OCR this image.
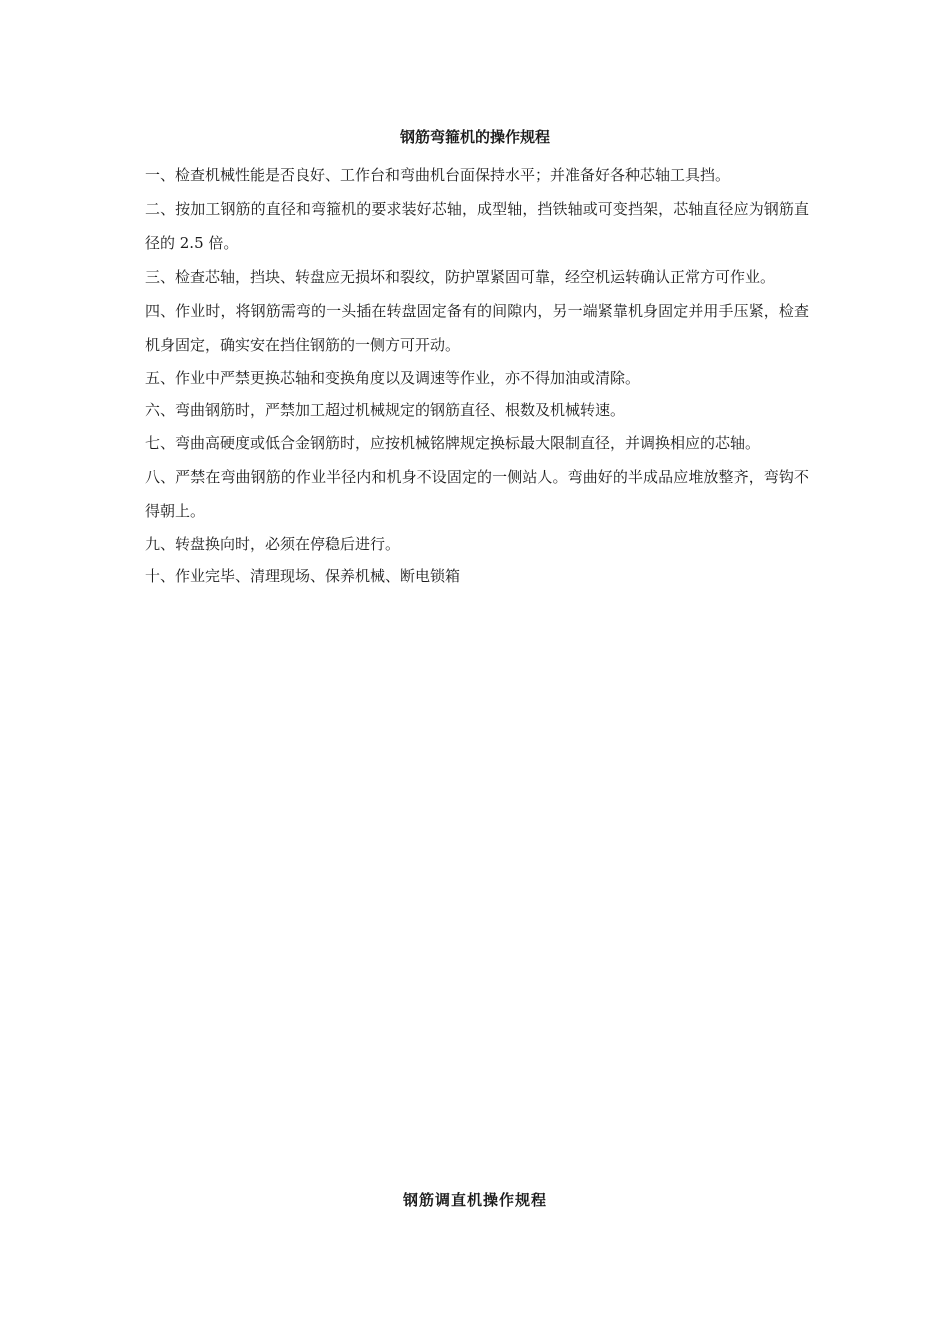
钢筋弯箍机的操作规程

一、检查机械性能是否良好、工作台和弯曲机台面保持水平；并准备好各种芯轴工具挡。

二、按加工钢筋的直径和弯箍机的要求装好芯轴，成型轴，挡铁轴或可变挡架，芯轴直径应为钢筋直径的 2.5 倍。

三、检查芯轴，挡块、转盘应无损坏和裂纹，防护罩紧固可靠，经空机运转确认正常方可作业。

四、作业时，将钢筋需弯的一头插在转盘固定备有的间隙内，另一端紧靠机身固定并用手压紧，检查机身固定，确实安在挡住钢筋的一侧方可开动。

五、作业中严禁更换芯轴和变换角度以及调速等作业，亦不得加油或清除。

六、弯曲钢筋时，严禁加工超过机械规定的钢筋直径、根数及机械转速。

七、弯曲高硬度或低合金钢筋时，应按机械铭牌规定换标最大限制直径，并调换相应的芯轴。

八、严禁在弯曲钢筋的作业半径内和机身不设固定的一侧站人。弯曲好的半成品应堆放整齐，弯钩不得朝上。

九、转盘换向时，必须在停稳后进行。

十、作业完毕、清理现场、保养机械、断电锁箱

钢筋调直机操作规程
